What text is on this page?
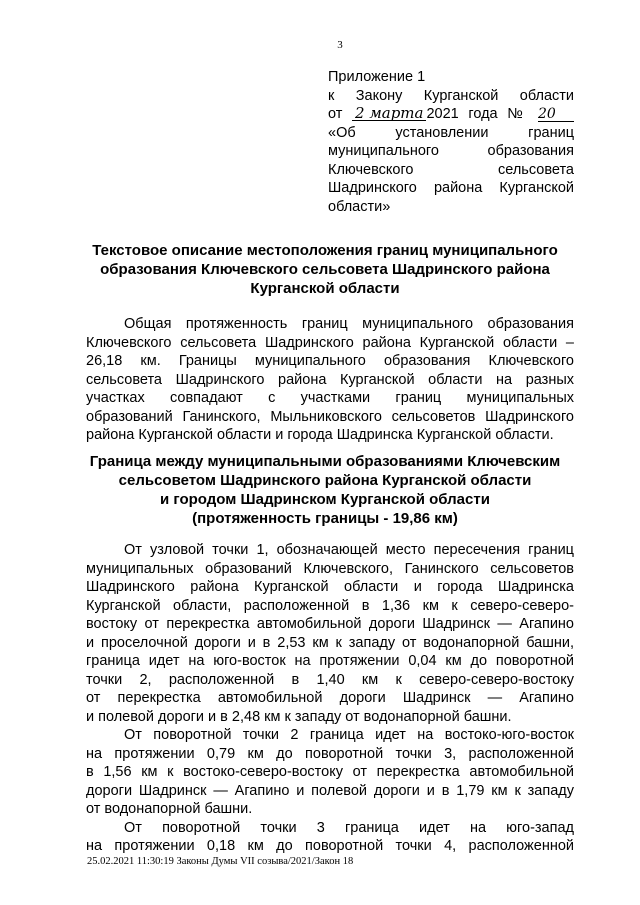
3
Приложение 1
к Закону Курганской области
от 2 марта 2021 года № 20
«Об установлении границ
муниципального образования
Ключевского сельсовета
Шадринского района Курганской
области»
Текстовое описание местоположения границ муниципального
образования Ключевского сельсовета Шадринского района
Курганской области
Общая протяженность границ муниципального образования
Ключевского сельсовета Шадринского района Курганской области –
26,18 км. Границы муниципального образования Ключевского
сельсовета Шадринского района Курганской области на разных
участках совпадают с участками границ муниципальных
образований Ганинского, Мыльниковского сельсоветов Шадринского
района Курганской области и города Шадринска Курганской области.
Граница между муниципальными образованиями Ключевским
сельсоветом Шадринского района Курганской области
и городом Шадринском Курганской области
(протяженность границы - 19,86 км)
От узловой точки 1, обозначающей место пересечения границ
муниципальных образований Ключевского, Ганинского сельсоветов
Шадринского района Курганской области и города Шадринска
Курганской области, расположенной в 1,36 км к северо-северо-
востоку от перекрестка автомобильной дороги Шадринск — Агапино
и проселочной дороги и в 2,53 км к западу от водонапорной башни,
граница идет на юго-восток на протяжении 0,04 км до поворотной
точки 2, расположенной в 1,40 км к северо-северо-востоку
от перекрестка автомобильной дороги Шадринск — Агапино
и полевой дороги и в 2,48 км к западу от водонапорной башни.
От поворотной точки 2 граница идет на востоко-юго-восток
на протяжении 0,79 км до поворотной точки 3, расположенной
в 1,56 км к востоко-северо-востоку от перекрестка автомобильной
дороги Шадринск — Агапино и полевой дороги и в 1,79 км к западу
от водонапорной башни.
От поворотной точки 3 граница идет на юго-запад
на протяжении 0,18 км до поворотной точки 4, расположенной
25.02.2021 11:30:19 Законы Думы VII созыва/2021/Закон 18
